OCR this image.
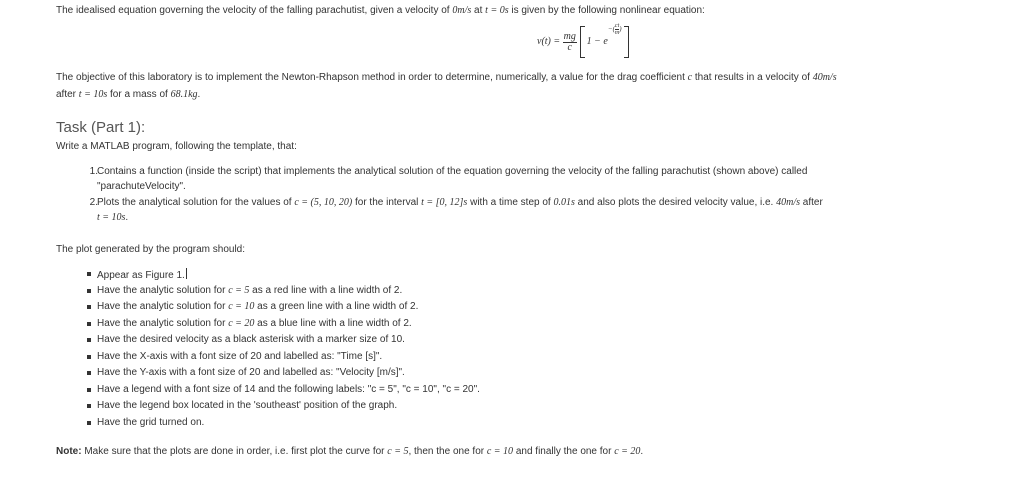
The idealised equation governing the velocity of the falling parachutist, given a velocity of 0m/s at t = 0s is given by the following nonlinear equation:
$v(t) = \frac{mg}{c} 1 - e-( \frac{ct}{m}$ )
The objective of this laboratory is to implement the Newton-Rhapson method in order to determine, numerically, a value for the drag coefficient c that results in a velocity of 40m/s
after t = 10s for a mass of 68.1kg.
Task (Part 1):
Write a MATLAB program, following the template, that:
1. Contains a function (inside the script) that implements the analytical solution of the equation governing the velocity of the falling parachutist (shown above) called
"parachuteVelocity".
2. Plots the analytical solution for the values of c = (5, 10, 20) for the interval t = [0, 12]s with a time step of 0.01s and also plots the desired velocity value, i.e. 40m/s after
t = 10s.
The plot generated by the program should:
Appear as Figure 1.
Have the analytic solution for c = 5 as a red line with a line width of 2.
Have the analytic solution for c = 10 as a green line with a line width of 2.
Have the analytic solution for c = 20 as a blue line with a line width of 2.
Have the desired velocity as a black asterisk with a marker size of 10.
Have the X-axis with a font size of 20 and labelled as: "Time [s]".
Have the Y-axis with a font size of 20 and labelled as: "Velocity [m/s]".
Have a legend with a font size of 14 and the following labels: "c = 5", "c = 10", "c = 20".
Have the legend box located in the 'southeast' position of the graph.
Have the grid turned on.
Note: Make sure that the plots are done in order, i.e. first plot the curve for c = 5, then the one for c = 10 and finally the one for c = 20.
